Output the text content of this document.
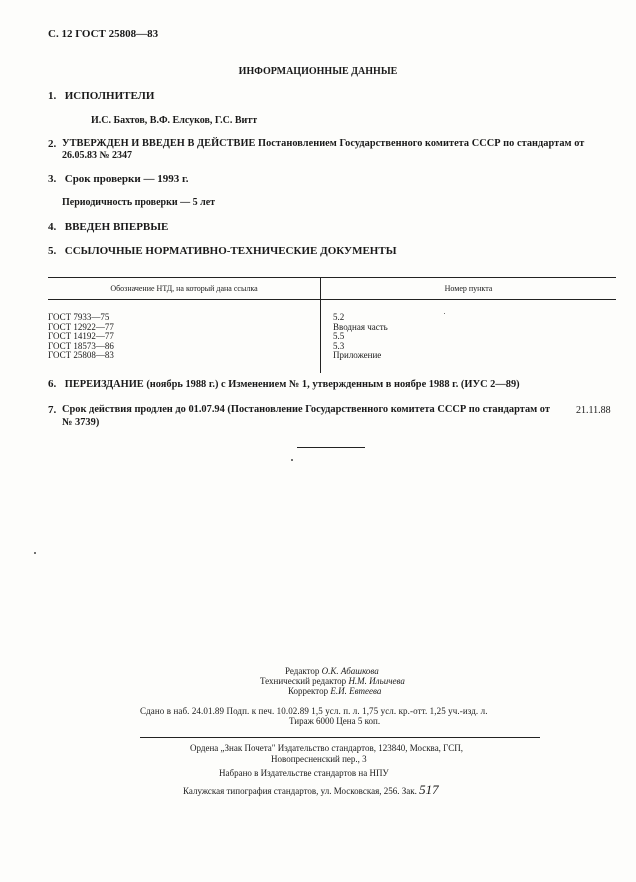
С. 12 ГОСТ 25808—83
ИНФОРМАЦИОННЫЕ ДАННЫЕ
1. ИСПОЛНИТЕЛИ
И.С. Бахтов, В.Ф. Елсуков, Г.С. Витт
2. УТВЕРЖДЕН И ВВЕДЕН В ДЕЙСТВИЕ Постановлением Государственного комитета СССР по стандартам от
26.05.83 № 2347
3. Срок проверки — 1993 г.
Периодичность проверки — 5 лет
4. ВВЕДЕН ВПЕРВЫЕ
5. ССЫЛОЧНЫЕ НОРМАТИВНО-ТЕХНИЧЕСКИЕ ДОКУМЕНТЫ
Обозначение НТД, на который дана ссылка	Номер пункта
ГОСТ 7933—75
ГОСТ 12922—77
ГОСТ 14192—77
ГОСТ 18573—86
ГОСТ 25808—83
5.2
Вводная часть
5.5
5.3
Приложение
6. ПЕРЕИЗДАНИЕ (ноябрь 1988 г.) с Изменением № 1, утвержденным в ноябре 1988 г. (ИУС 2—89)
7. Срок действия продлен до 01.07.94 (Постановление Государственного комитета СССР по стандартам от
№ 3739)
21.11.88
Редактор О.К. Абашкова
Технический редактор Н.М. Ильичева
Корректор Е.И. Евтеева
Сдано в наб. 24.01.89 Подп. к печ. 10.02.89 1,5 усл. п. л. 1,75 усл. кр.-отт. 1,25 уч.-изд. л.
Тираж 6000 Цена 5 коп.
Ордена „Знак Почета" Издательство стандартов, 123840, Москва, ГСП,
Новопресненский пер., 3
Набрано в Издательстве стандартов на НПУ
Калужская типография стандартов, ул. Московская, 256. Зак. 517
